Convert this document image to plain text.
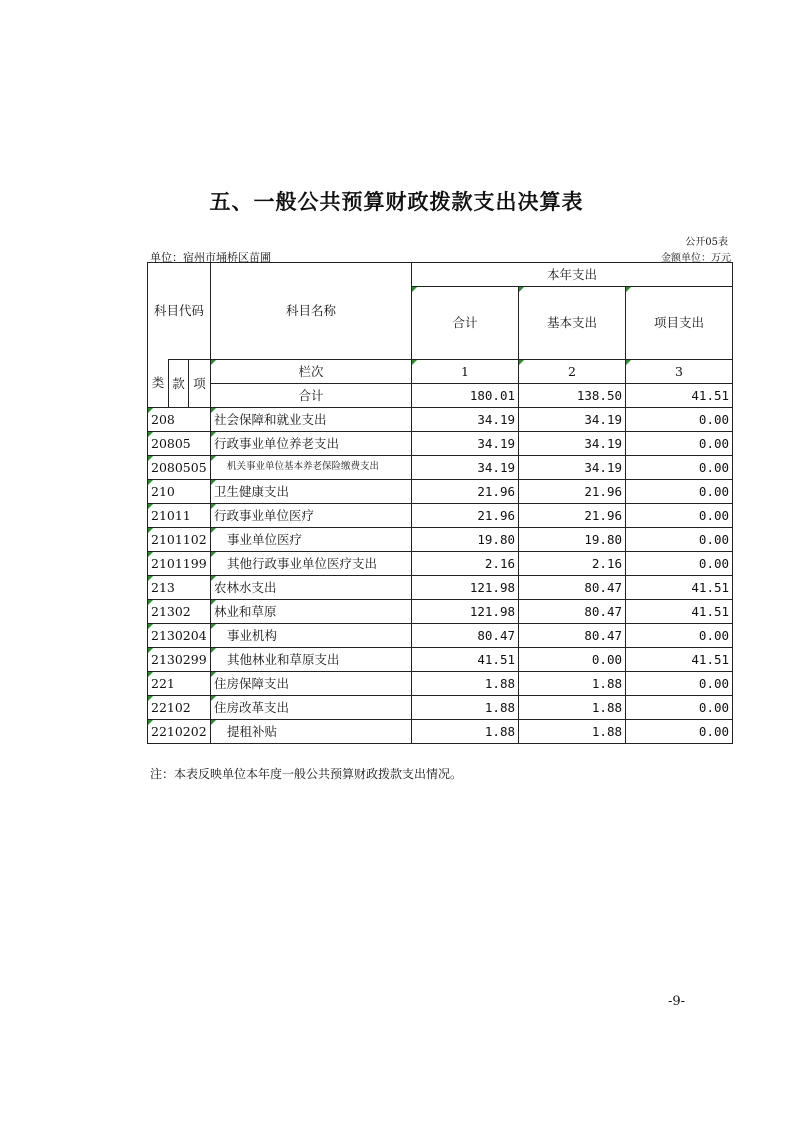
五、一般公共预算财政拨款支出决算表
公开05表
单位：宿州市埇桥区苗圃	金额单位：万元
科目代码			科目名称	本年支出		
				合计	基本支出	项目支出

类	款	项	栏次	1	2	3
			合计	180.01	138.50	41.51
208			社会保障和就业支出	34.19	34.19	0.00
20805			行政事业单位养老支出	34.19	34.19	0.00
2080505			机关事业单位基本养老保险缴费支出	34.19	34.19	0.00
210			卫生健康支出	21.96	21.96	0.00
21011			行政事业单位医疗	21.96	21.96	0.00
2101102			事业单位医疗	19.80	19.80	0.00
2101199			其他行政事业单位医疗支出	2.16	2.16	0.00
213			农林水支出	121.98	80.47	41.51
21302			林业和草原	121.98	80.47	41.51
2130204			事业机构	80.47	80.47	0.00
2130299			其他林业和草原支出	41.51	0.00	41.51
221			住房保障支出	1.88	1.88	0.00
22102			住房改革支出	1.88	1.88	0.00
2210202			提租补贴	1.88	1.88	0.00
注：本表反映单位本年度一般公共预算财政拨款支出情况。
-9-
